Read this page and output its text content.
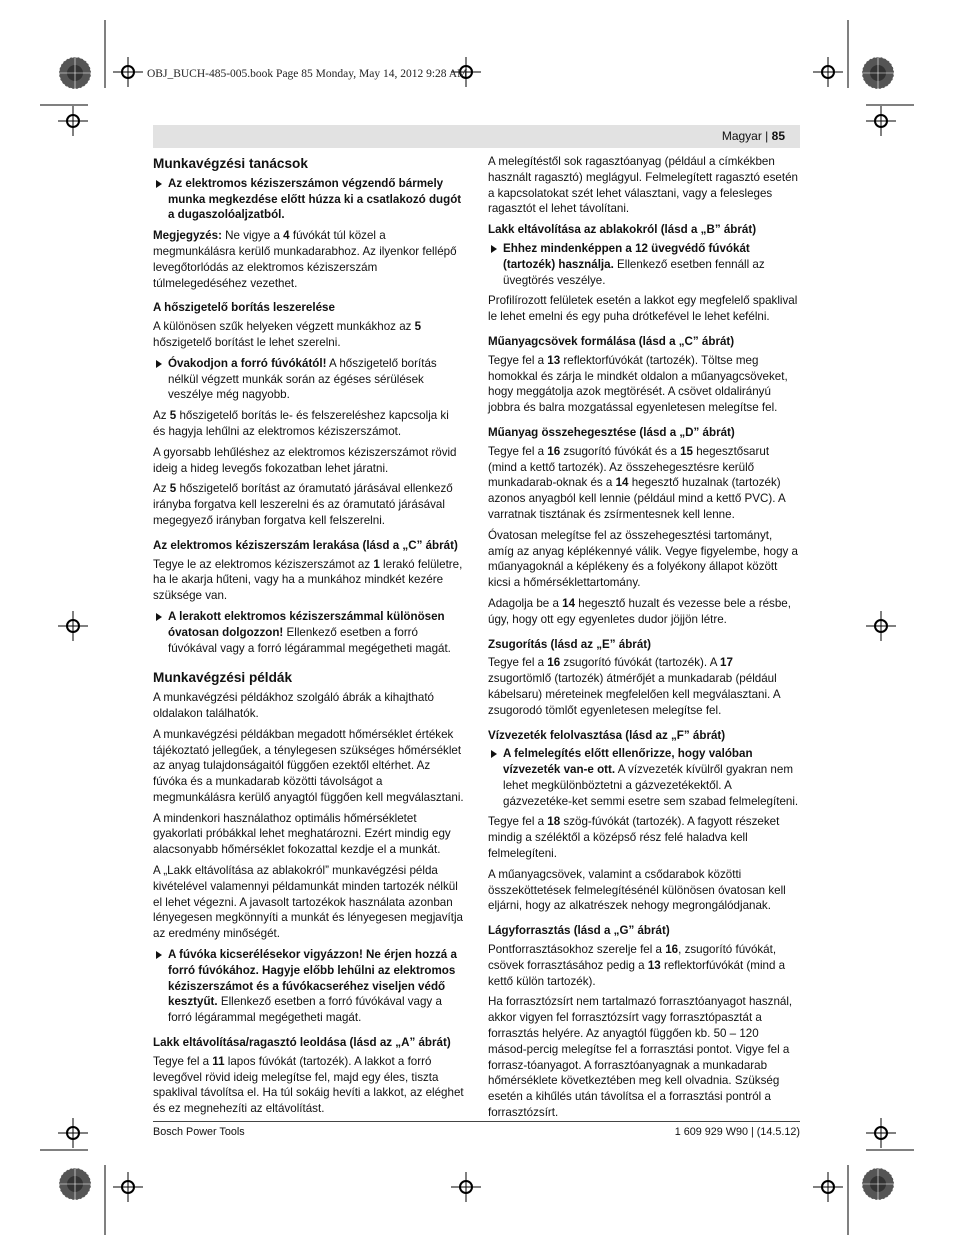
OBJ_BUCH-485-005.book Page 85 Monday, May 14, 2012 9:28 AM
Magyar | 85
Munkavégzési tanácsok
Az elektromos kéziszerszámon végzendő bármely munka megkezdése előtt húzza ki a csatlakozó dugót a dugaszolóaljzatból.

Megjegyzés: Ne vigye a 4 fúvókát túl közel a megmunkálásra kerülő munkadarabhoz. Az ilyenkor fellépő levegőtorlódás az elektromos kéziszerszám túlmelegedéséhez vezethet.

A hőszigetelő borítás leszerelése

A különösen szűk helyeken végzett munkákhoz az 5 hőszigetelő borítást le lehet szerelni.

Óvakodjon a forró fúvókától! A hőszigetelő borítás nélkül végzett munkák során az égéses sérülések veszélye még nagyobb.

Az 5 hőszigetelő borítás le- és felszereléshez kapcsolja ki és hagyja lehűlni az elektromos kéziszerszámot.

A gyorsabb lehűléshez az elektromos kéziszerszámot rövid ideig a hideg levegős fokozatban lehet járatni.

Az 5 hőszigetelő borítást az óramutató járásával ellenkező irányba forgatva kell leszerelni és az óramutató járásával megegyező irányban forgatva kell felszerelni.

Az elektromos kéziszerszám lerakása (lásd a „C” ábrát)

Tegye le az elektromos kéziszerszámot az 1 lerakó felületre, ha le akarja hűteni, vagy ha a munkához mindkét kezére szüksége van.

A lerakott elektromos kéziszerszámmal különösen óvatosan dolgozzon! Ellenkező esetben a forró fúvókával vagy a forró légárammal megégetheti magát.
Munkavégzési példák

A munkavégzési példákhoz szolgáló ábrák a kihajtható oldalakon találhatók.

A munkavégzési példákban megadott hőmérséklet értékek tájékoztató jellegűek, a ténylegesen szükséges hőmérséklet az anyag tulajdonságaitól függően ezektől eltérhet. Az fúvóka és a munkadarab közötti távolságot a megmunkálásra kerülő anyagtól függően kell megválasztani.

A mindenkori használathoz optimális hőmérsékletet gyakorlati próbákkal lehet meghatározni. Ezért mindig egy alacsonyabb hőmérséklet fokozattal kezdje el a munkát.

A „Lakk eltávolítása az ablakokról” munkavégzési példa kivételével valamennyi példamunkát minden tartozék nélkül el lehet végezni. A javasolt tartozékok használata azonban lényegesen megkönnyíti a munkát és lényegesen megjavítja az eredmény minőségét.

A fúvóka kicserélésekor vigyázzon! Ne érjen hozzá a forró fúvókához. Hagyje előbb lehűlni az elektromos kéziszerszámot és a fúvókacseréhez viseljen védő kesztyűt. Ellenkező esetben a forró fúvókával vagy a forró légárammal megégetheti magát.
Lakk eltávolítása/ragasztó leoldása (lásd az „A” ábrát)

Tegye fel a 11 lapos fúvókát (tartozék). A lakkot a forró levegővel rövid ideig melegítse fel, majd egy éles, tiszta spaklival távolítsa el. Ha túl sokáig hevíti a lakkot, az eléghet és ez megnehezíti az eltávolítást.

A melegítéstől sok ragasztóanyag (például a címkékben használt ragasztó) meglágyul. Felmelegített ragasztó esetén a kapcsolatokat szét lehet választani, vagy a felesleges ragasztót el lehet távolítani.

Lakk eltávolítása az ablakokról (lásd a „B” ábrát)
Ehhez mindenképpen a 12 üvegvédő fúvókát (tartozék) használja. Ellenkező esetben fennáll az üvegtörés veszélye.

Profilírozott felületek esetén a lakkot egy megfelelő spaklival le lehet emelni és egy puha drótkefével le lehet kefélni.

Műanyagcsövek formálása (lásd a „C” ábrát)

Tegye fel a 13 reflektorfúvókát (tartozék). Töltse meg homokkal és zárja le mindkét oldalon a műanyagcsöveket, hogy meggátolja azok megtörését. A csövet oldalirányú jobbra és balra mozgatással egyenletesen melegítse fel.

Műanyag összehegesztése (lásd a „D” ábrát)

Tegye fel a 16 zsugorító fúvókát és a 15 hegesztősarut (mind a kettő tartozék). Az összehegesztésre kerülő munkadarab-oknak és a 14 hegesztő huzalnak (tartozék) azonos anyagból kell lennie (például mind a kettő PVC). A varratnak tisztának és zsírmentesnek kell lenne.

Óvatosan melegítse fel az összehegesztési tartományt, amíg az anyag képlékennyé válik. Vegye figyelembe, hogy a műanyagoknál a képlékeny és a folyékony állapot között kicsi a hőmérséklettartomány.

Adagolja be a 14 hegesztő huzalt és vezesse bele a résbe, úgy, hogy ott egy egyenletes dudor jöjjön létre.

Zsugorítás (lásd az „E” ábrát)

Tegye fel a 16 zsugorító fúvókát (tartozék). A 17 zsugortömlő (tartozék) átmérőjét a munkadarab (például kábelsaru) méreteinek megfelelően kell megválasztani. A zsugorodó tömlőt egyenletesen melegítse fel.

Vízvezeték felolvasztása (lásd az „F” ábrát)
A felmelegítés előtt ellenőrizze, hogy valóban vízvezeték van-e ott. A vízvezeték kívülről gyakran nem lehet megkülönböztetni a gázvezetékektől. A gázvezetéke-ket semmi esetre sem szabad felmelegíteni.

Tegye fel a 18 szög-fúvókát (tartozék). A fagyott részeket mindig a széléktől a középső rész felé haladva kell felmelegíteni.

A műanyagcsövek, valamint a csődarabok közötti összeköttetések felmelegítésénél különösen óvatosan kell eljárni, hogy az alkatrészek nehogy megrongálódjanak.

Lágyforrasztás (lásd a „G” ábrát)

Pontforrasztásokhoz szerelje fel a 16, zsugorító fúvókát, csövek forrasztásához pedig a 13 reflektorfúvókát (mind a kettő külön tartozék).

Ha forrasztózsírt nem tartalmazó forrasztóanyagot használ, akkor vigyen fel forrasztózsírt vagy forrasztópasztát a forrasztás helyére. Az anyagtól függően kb. 50 – 120 másod-percig melegítse fel a forrasztási pontot. Vigye fel a forrasz-tóanyagot. A forrasztóanyagnak a munkadarab hőmérséklete következtében meg kell olvadnia. Szükség esetén a kihűlés után távolítsa el a forrasztási pontról a forrasztózsírt.

Bosch Power Tools	1 609 929 W90 | (14.5.12)
